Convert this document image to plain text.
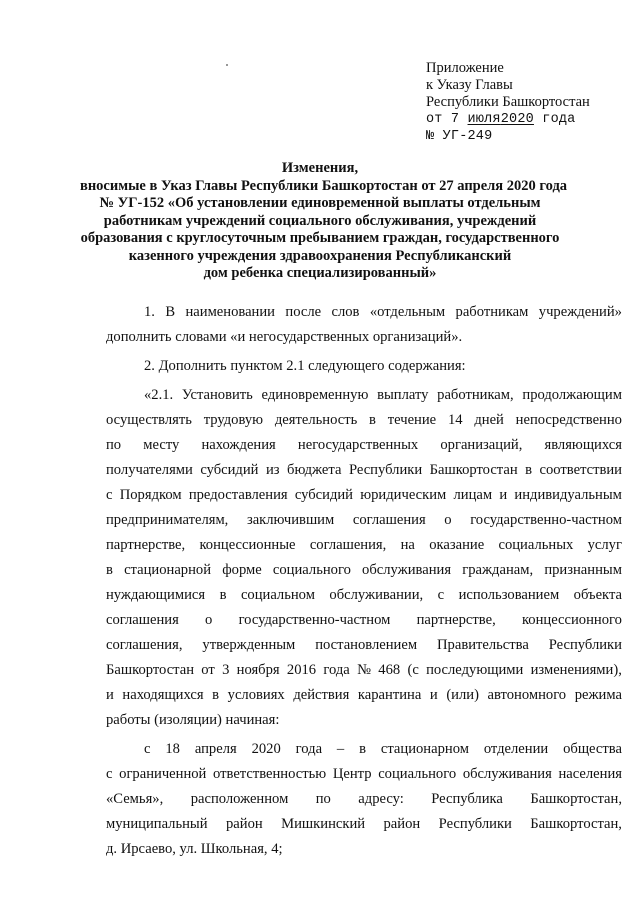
Приложение
к Указу Главы
Республики Башкортостан
от 7 июля2020 года
№ УГ-249
Изменения,
вносимые в Указ Главы Республики Башкортостан от 27 апреля 2020 года
№ УГ-152 «Об установлении единовременной выплаты отдельным
работникам учреждений социального обслуживания, учреждений
образования с круглосуточным пребыванием граждан, государственного
казенного учреждения здравоохранения Республиканский
дом ребенка специализированный»
1. В наименовании после слов «отдельным работникам учреждений»
дополнить словами «и негосударственных организаций».
2. Дополнить пунктом 2.1 следующего содержания:
«2.1. Установить единовременную выплату работникам, продолжающим
осуществлять трудовую деятельность в течение 14 дней непосредственно
по месту нахождения негосударственных организаций, являющихся
получателями субсидий из бюджета Республики Башкортостан в соответствии
с Порядком предоставления субсидий юридическим лицам и индивидуальным
предпринимателям, заключившим соглашения о государственно-частном
партнерстве, концессионные соглашения, на оказание социальных услуг
в стационарной форме социального обслуживания гражданам, признанным
нуждающимися в социальном обслуживании, с использованием объекта
соглашения о государственно-частном партнерстве, концессионного
соглашения, утвержденным постановлением Правительства Республики
Башкортостан от 3 ноября 2016 года № 468 (с последующими изменениями),
и находящихся в условиях действия карантина и (или) автономного режима
работы (изоляции) начиная:
с 18 апреля 2020 года – в стационарном отделении общества
с ограниченной ответственностью Центр социального обслуживания населения
«Семья», расположенном по адресу: Республика Башкортостан,
муниципальный район Мишкинский район Республики Башкортостан,
д. Ирсаево, ул. Школьная, 4;
